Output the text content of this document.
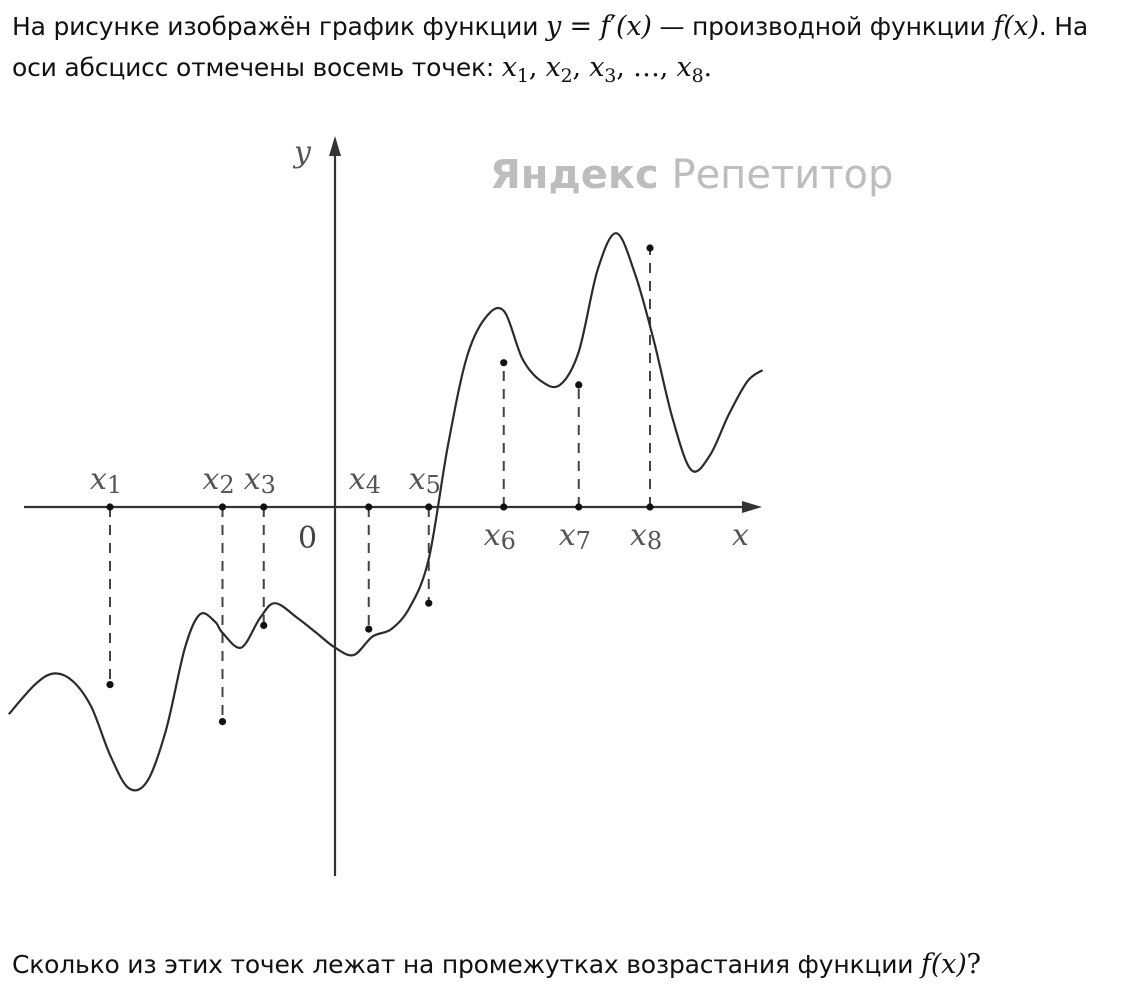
На рисунке изображён график функции y = f′(x) — производной функции f(x). На оси абсцисс отмечены восемь точек: $x_1$, $x_2$, $x_3$, …, $x_8$.
x1	x2 x3 x4 x5
x6 x7 x8 x
y
0
Яндекс Репетитор
Сколько из этих точек лежат на промежутках возрастания функции f(x)?
